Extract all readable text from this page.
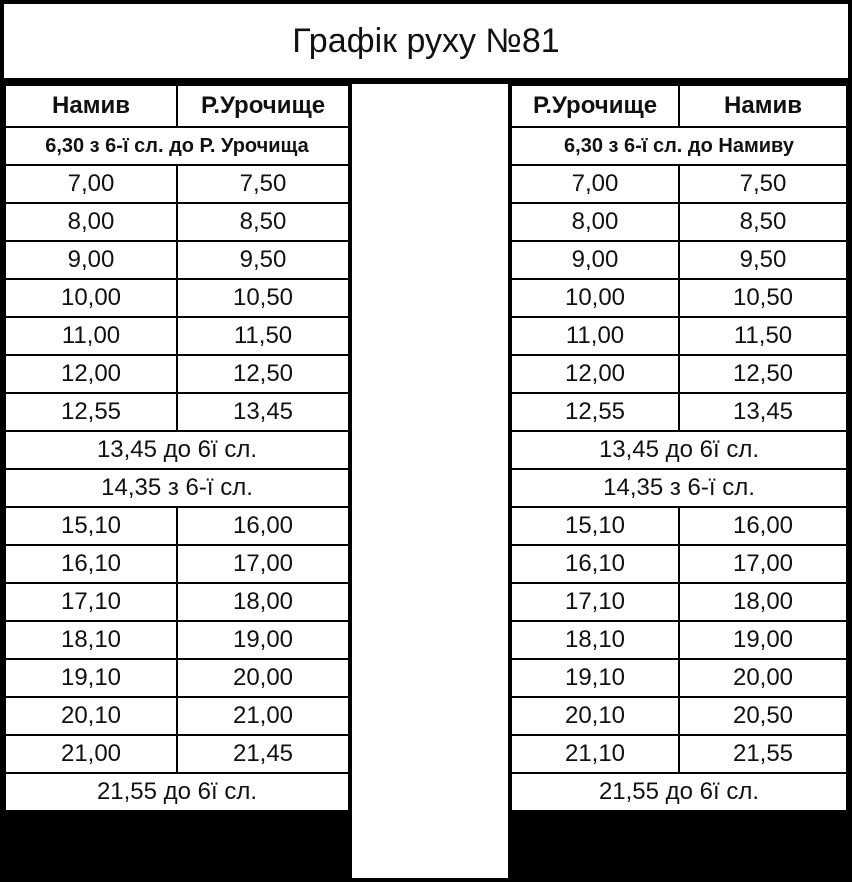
Графік руху №81
Намив	Р.Урочище
6,30 з 6-ї сл. до Р. Урочища	
7,00	7,50
8,00	8,50
9,00	9,50
10,00	10,50
11,00	11,50
12,00	12,50
12,55	13,45
13,45 до 6ї сл.	
14,35 з 6-ї сл.	
15,10	16,00
16,10	17,00
17,10	18,00
18,10	19,00
19,10	20,00
20,10	21,00
21,00	21,45
21,55 до 6ї сл.	
Р.Урочище	Намив
6,30 з 6-ї сл. до Намиву	
7,00	7,50
8,00	8,50
9,00	9,50
10,00	10,50
11,00	11,50
12,00	12,50
12,55	13,45
13,45 до 6ї сл.	
14,35 з 6-ї сл.	
15,10	16,00
16,10	17,00
17,10	18,00
18,10	19,00
19,10	20,00
20,10	20,50
21,10	21,55
21,55 до 6ї сл.	
